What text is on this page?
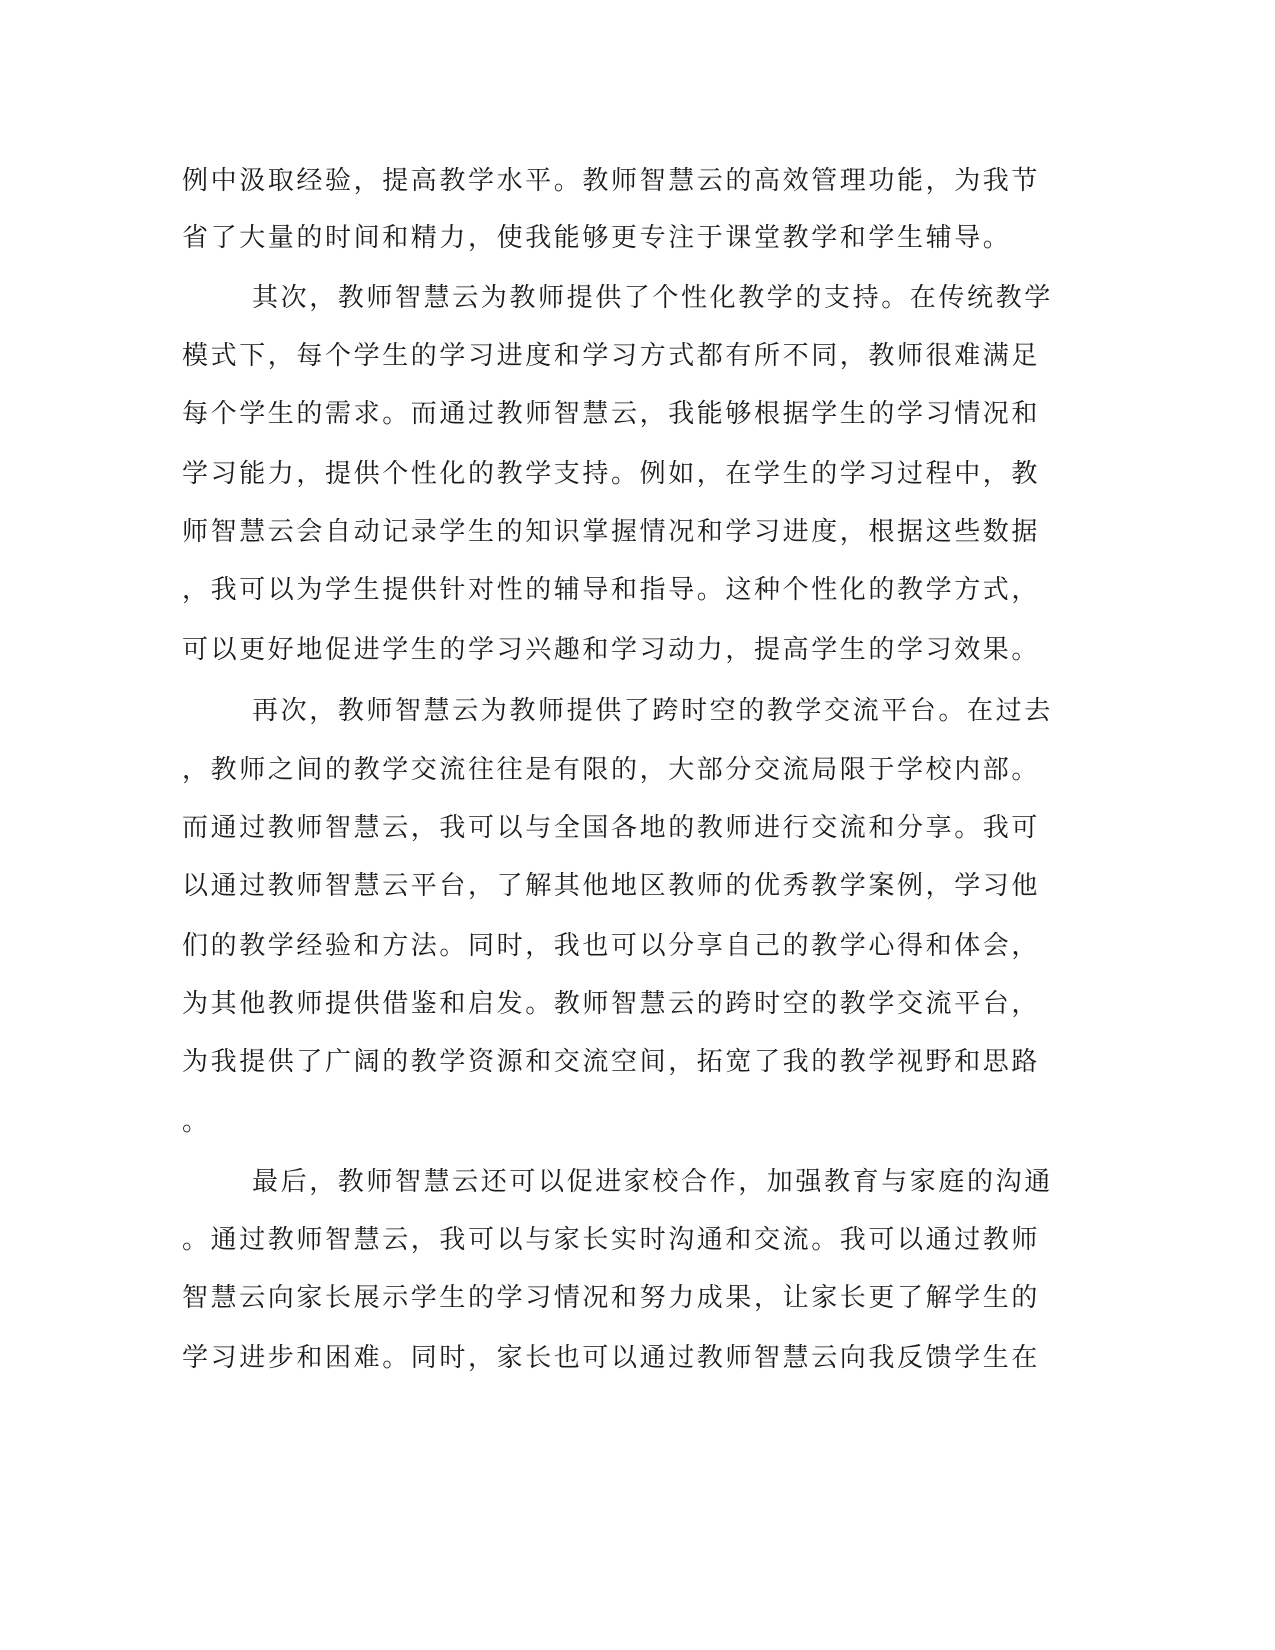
例中汲取经验，提高教学水平。教师智慧云的高效管理功能，为我节
省了大量的时间和精力，使我能够更专注于课堂教学和学生辅导。
其次，教师智慧云为教师提供了个性化教学的支持。在传统教学
模式下，每个学生的学习进度和学习方式都有所不同，教师很难满足
每个学生的需求。而通过教师智慧云，我能够根据学生的学习情况和
学习能力，提供个性化的教学支持。例如，在学生的学习过程中，教
师智慧云会自动记录学生的知识掌握情况和学习进度，根据这些数据
，我可以为学生提供针对性的辅导和指导。这种个性化的教学方式，
可以更好地促进学生的学习兴趣和学习动力，提高学生的学习效果。
再次，教师智慧云为教师提供了跨时空的教学交流平台。在过去
，教师之间的教学交流往往是有限的，大部分交流局限于学校内部。
而通过教师智慧云，我可以与全国各地的教师进行交流和分享。我可
以通过教师智慧云平台，了解其他地区教师的优秀教学案例，学习他
们的教学经验和方法。同时，我也可以分享自己的教学心得和体会，
为其他教师提供借鉴和启发。教师智慧云的跨时空的教学交流平台，
为我提供了广阔的教学资源和交流空间，拓宽了我的教学视野和思路
。
最后，教师智慧云还可以促进家校合作，加强教育与家庭的沟通
。通过教师智慧云，我可以与家长实时沟通和交流。我可以通过教师
智慧云向家长展示学生的学习情况和努力成果，让家长更了解学生的
学习进步和困难。同时，家长也可以通过教师智慧云向我反馈学生在
